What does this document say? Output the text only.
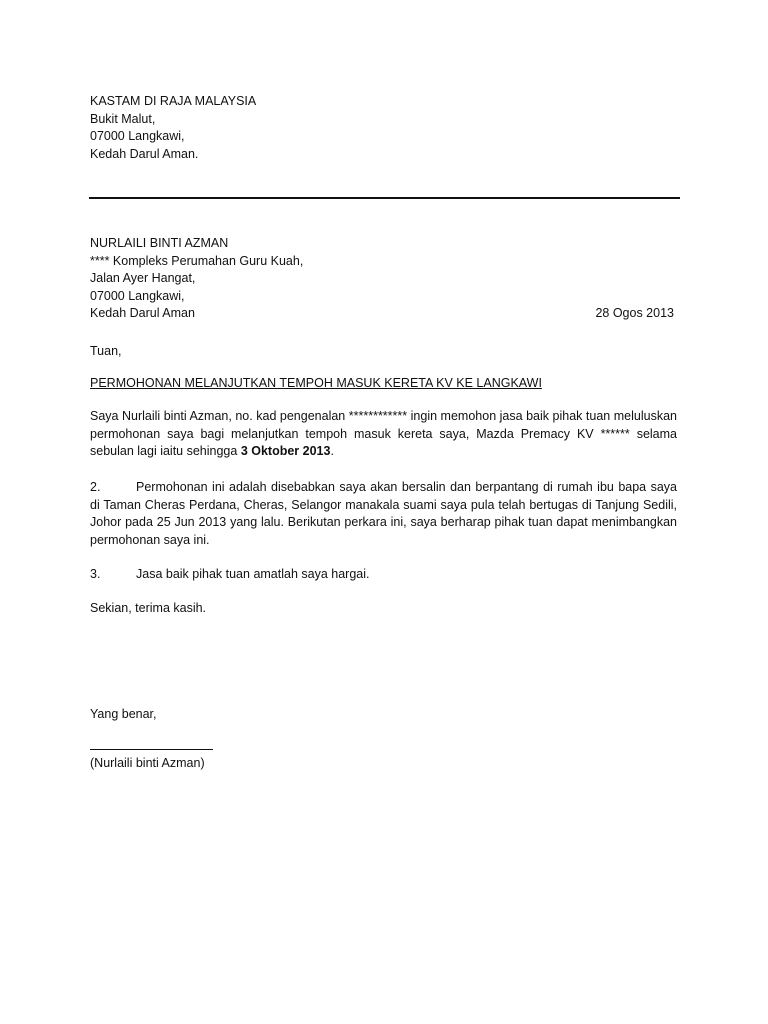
KASTAM DI RAJA MALAYSIA
Bukit Malut,
07000 Langkawi,
Kedah Darul Aman.
NURLAILI BINTI AZMAN
**** Kompleks Perumahan Guru Kuah,
Jalan Ayer Hangat,
07000 Langkawi,
Kedah Darul Aman	28 Ogos 2013
Tuan,
PERMOHONAN MELANJUTKAN TEMPOH MASUK KERETA KV KE LANGKAWI
Saya Nurlaili binti Azman, no. kad pengenalan ************ ingin memohon jasa baik pihak tuan meluluskan permohonan saya bagi melanjutkan tempoh masuk kereta saya, Mazda Premacy KV ****** selama sebulan lagi iaitu sehingga 3 Oktober 2013.
2.	Permohonan ini adalah disebabkan saya akan bersalin dan berpantang di rumah ibu bapa saya di Taman Cheras Perdana, Cheras, Selangor manakala suami saya pula telah bertugas di Tanjung Sedili, Johor pada 25 Jun 2013 yang lalu. Berikutan perkara ini, saya berharap pihak tuan dapat menimbangkan permohonan saya ini.
3.	Jasa baik pihak tuan amatlah saya hargai.
Sekian, terima kasih.
Yang benar,
(Nurlaili binti Azman)
